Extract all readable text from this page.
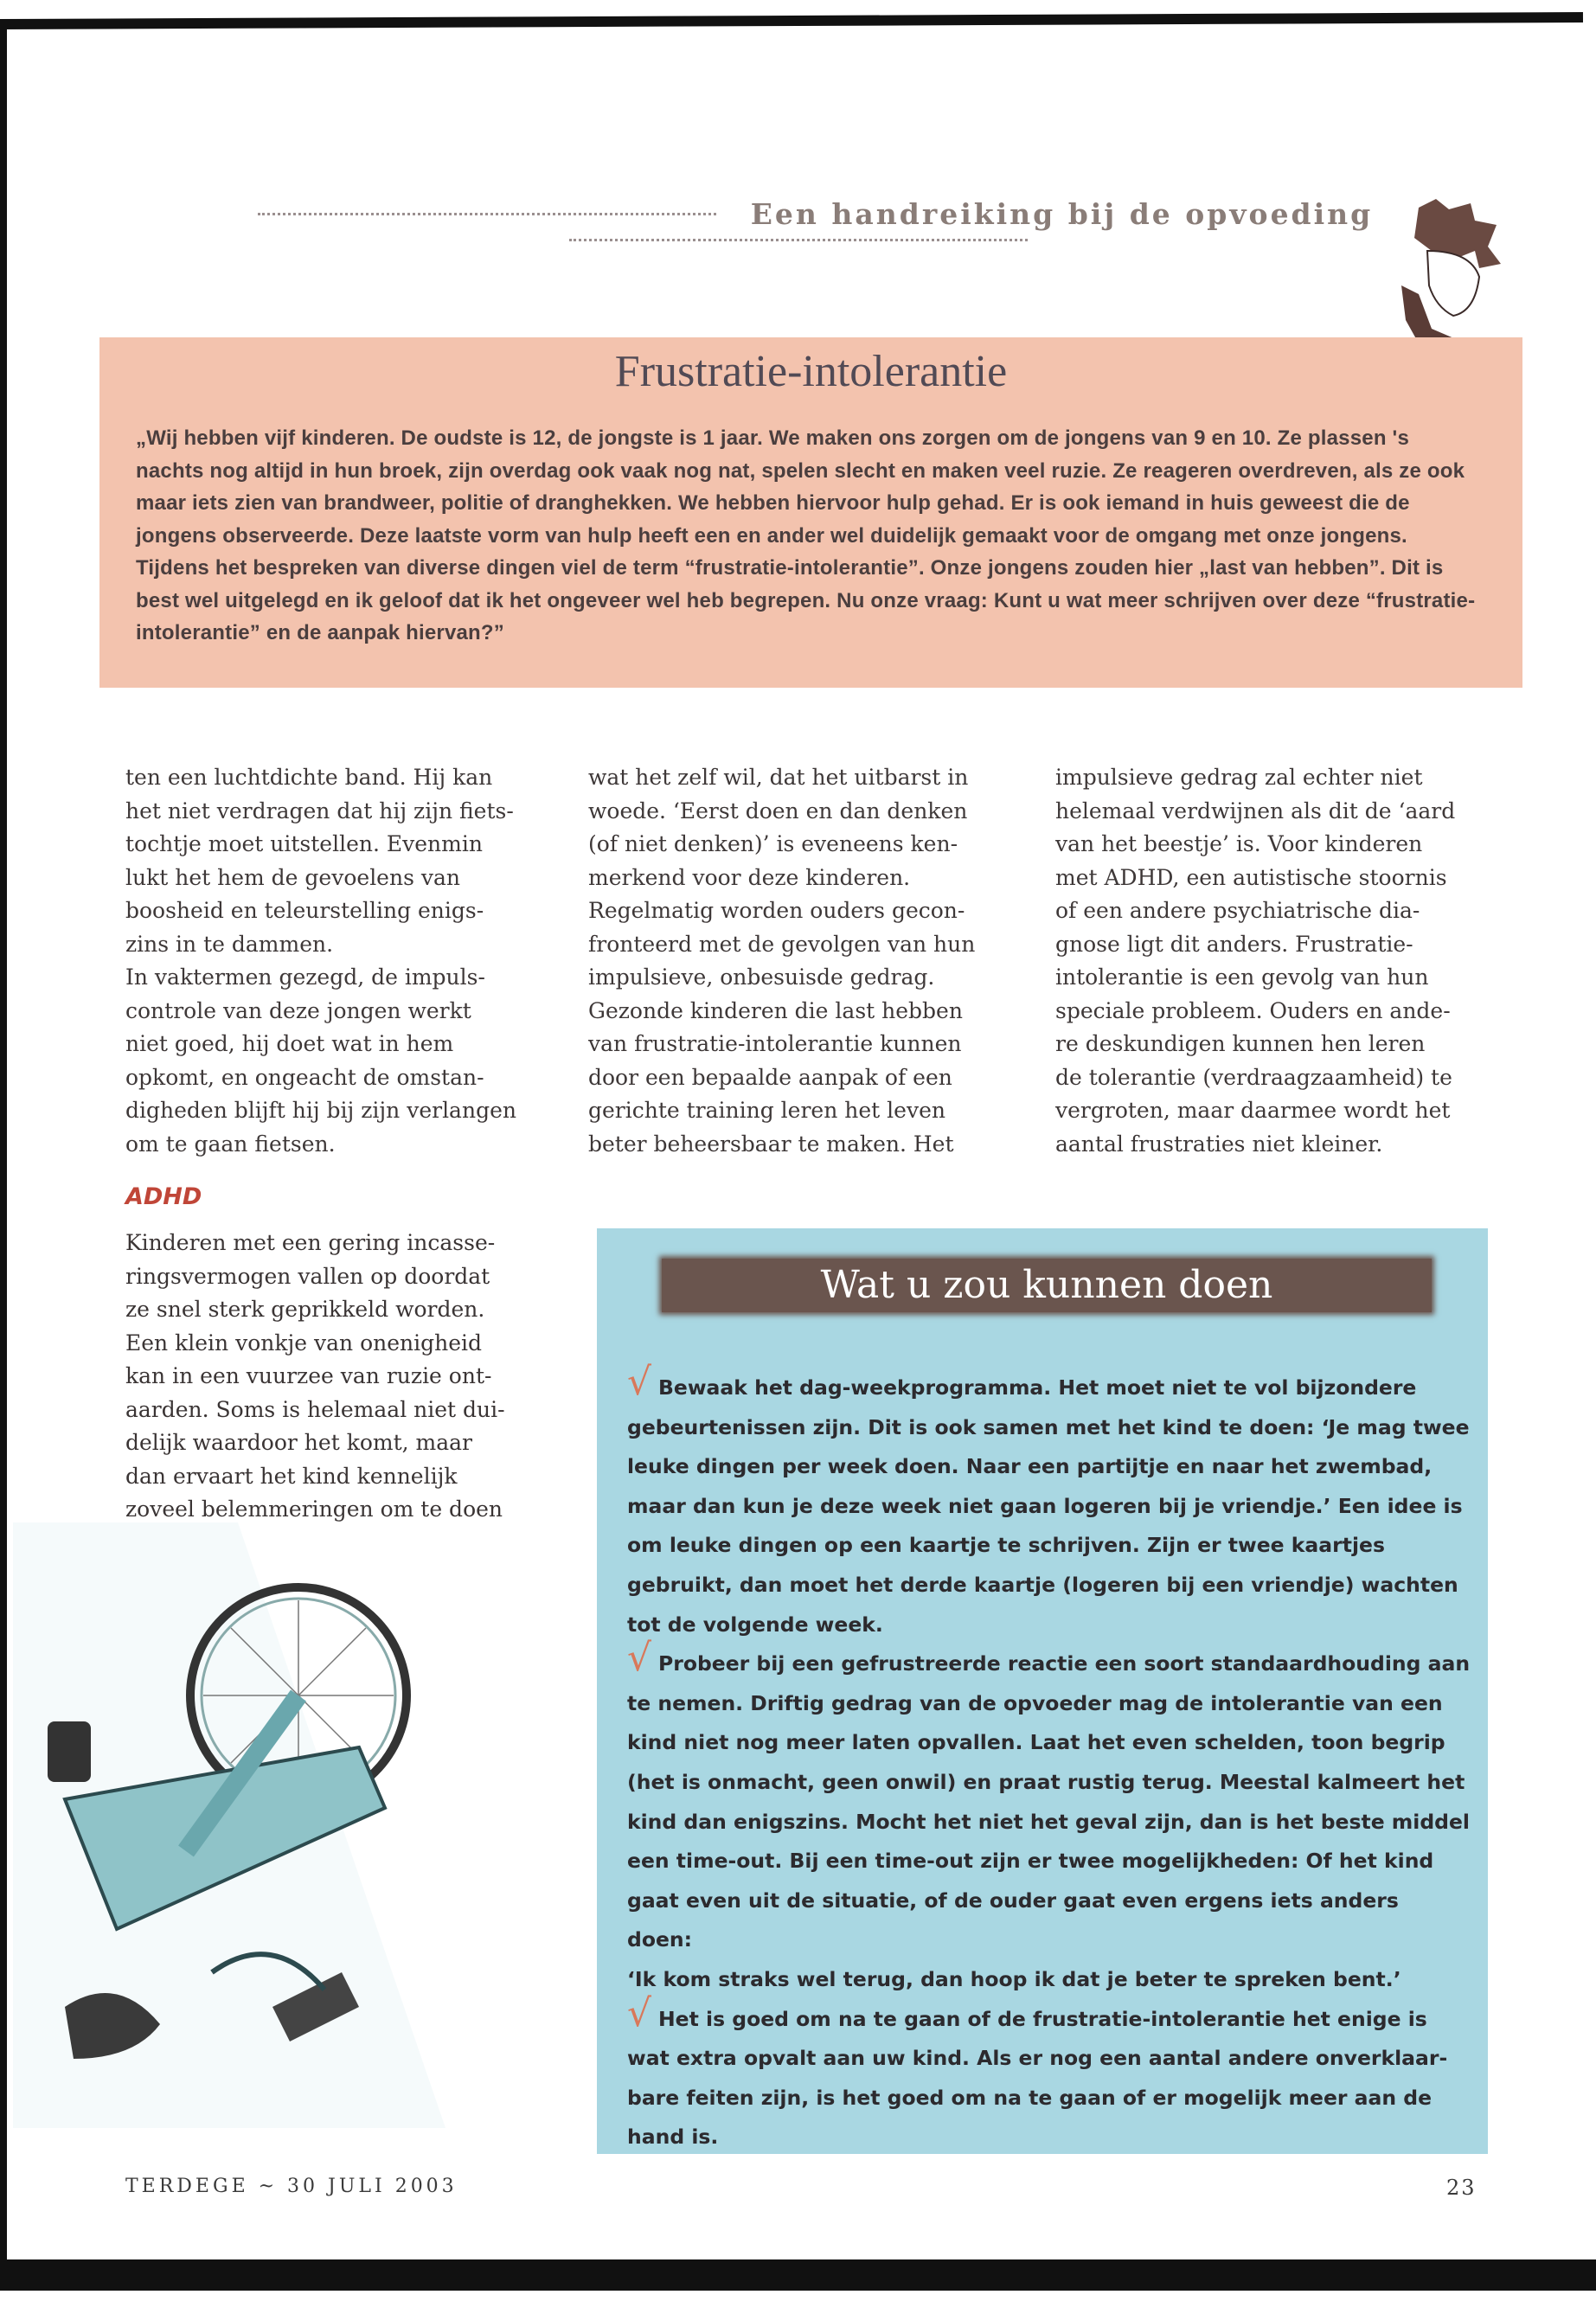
Een handreiking bij de opvoeding
Frustratie-intolerantie
„Wij hebben vijf kinderen. De oudste is 12, de jongste is 1 jaar. We maken ons zorgen om de jongens van 9 en 10. Ze plassen 's nachts nog altijd in hun broek, zijn overdag ook vaak nog nat, spelen slecht en maken veel ruzie. Ze reageren overdreven, als ze ook maar iets zien van brandweer, politie of dranghekken. We hebben hiervoor hulp gehad. Er is ook iemand in huis geweest die de jongens observeerde. Deze laatste vorm van hulp heeft een en ander wel duidelijk gemaakt voor de omgang met onze jongens. Tijdens het bespreken van diverse dingen viel de term “frustratie-intolerantie”. Onze jongens zouden hier „last van hebben”. Dit is best wel uitgelegd en ik geloof dat ik het ongeveer wel heb begrepen. Nu onze vraag: Kunt u wat meer schrijven over deze “frustratie-intolerantie” en de aanpak hiervan?”

ten een luchtdichte band. Hij kan
het niet verdragen dat hij zijn fiets-
tochtje moet uitstellen. Evenmin
lukt het hem de gevoelens van
boosheid en teleurstelling enigs-
zins in te dammen.

In vaktermen gezegd, de impuls-
controle van deze jongen werkt
niet goed, hij doet wat in hem
opkomt, en ongeacht de omstan-
digheden blijft hij bij zijn verlangen
om te gaan fietsen.

wat het zelf wil, dat het uitbarst in
woede. ‘Eerst doen en dan denken
(of niet denken)’ is eveneens ken-
merkend voor deze kinderen.

Regelmatig worden ouders gecon-
fronteerd met de gevolgen van hun
impulsieve, onbesuisde gedrag.

Gezonde kinderen die last hebben
van frustratie-intolerantie kunnen
door een bepaalde aanpak of een
gerichte training leren het leven
beter beheersbaar te maken. Het

impulsieve gedrag zal echter niet
helemaal verdwijnen als dit de ‘aard
van het beestje’ is. Voor kinderen
met ADHD, een autistische stoornis
of een andere psychiatrische dia-
gnose ligt dit anders. Frustratie-
intolerantie is een gevolg van hun
speciale probleem. Ouders en ande-
re deskundigen kunnen hen leren
de tolerantie (verdraagzaamheid) te
vergroten, maar daarmee wordt het
aantal frustraties niet kleiner.

ADHD
Kinderen met een gering incasse-
ringsvermogen vallen op doordat
ze snel sterk geprikkeld worden.
Een klein vonkje van onenigheid
kan in een vuurzee van ruzie ont-
aarden. Soms is helemaal niet dui-
delijk waardoor het komt, maar
dan ervaart het kind kennelijk
zoveel belemmeringen om te doen
Wat u zou kunnen doen

√ Bewaak het dag-weekprogramma. Het moet niet te vol bijzondere
gebeurtenissen zijn. Dit is ook samen met het kind te doen: ‘Je mag twee
leuke dingen per week doen. Naar een partijtje en naar het zwembad,
maar dan kun je deze week niet gaan logeren bij je vriendje.’ Een idee is
om leuke dingen op een kaartje te schrijven. Zijn er twee kaartjes
gebruikt, dan moet het derde kaartje (logeren bij een vriendje) wachten
tot de volgende week.

√ Probeer bij een gefrustreerde reactie een soort standaardhouding aan
te nemen. Driftig gedrag van de opvoeder mag de intolerantie van een
kind niet nog meer laten opvallen. Laat het even schelden, toon begrip
(het is onmacht, geen onwil) en praat rustig terug. Meestal kalmeert het
kind dan enigszins. Mocht het niet het geval zijn, dan is het beste middel
een time-out. Bij een time-out zijn er twee mogelijkheden: Of het kind
gaat even uit de situatie, of de ouder gaat even ergens iets anders doen:
‘Ik kom straks wel terug, dan hoop ik dat je beter te spreken bent.’

√ Het is goed om na te gaan of de frustratie-intolerantie het enige is
wat extra opvalt aan uw kind. Als er nog een aantal andere onverklaar-
bare feiten zijn, is het goed om na te gaan of er mogelijk meer aan de
hand is.

TERDEGE ~ 30 JULI 2003	23
